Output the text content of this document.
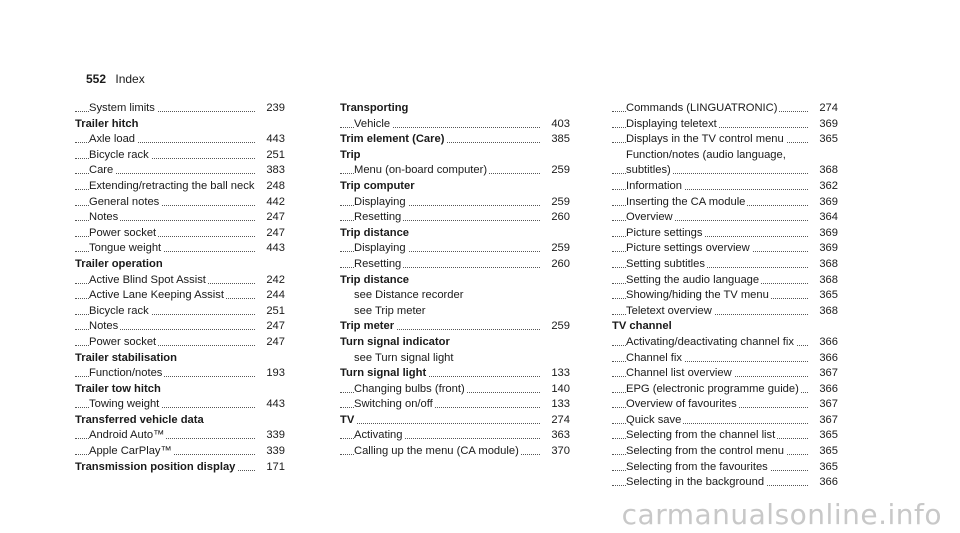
552 Index
System limits	239
Trailer hitch
Axle load	443
Bicycle rack	251
Care	383
Extending/retracting the ball neck	248
General notes	442
Notes	247
Power socket	247
Tongue weight	443
Trailer operation
Active Blind Spot Assist	242
Active Lane Keeping Assist	244
Bicycle rack	251
Notes	247
Power socket	247
Trailer stabilisation
Function/notes	193
Trailer tow hitch
Towing weight	443
Transferred vehicle data
Android Auto™	339
Apple CarPlay™	339
Transmission position display	171
Transporting
Vehicle	403
Trim element (Care)	385
Trip
Menu (on-board computer)	259
Trip computer
Displaying	259
Resetting	260
Trip distance
Displaying	259
Resetting	260
Trip distance
see Distance recorder
see Trip meter
Trip meter	259
Turn signal indicator
see Turn signal light
Turn signal light	133
Changing bulbs (front)	140
Switching on/off	133
TV	274
Activating	363
Calling up the menu (CA module)	370
Commands (LINGUATRONIC)	274
Displaying teletext	369
Displays in the TV control menu	365
Function/notes (audio language,
subtitles)	368
Information	362
Inserting the CA module	369
Overview	364
Picture settings	369
Picture settings overview	369
Setting subtitles	368
Setting the audio language	368
Showing/hiding the TV menu	365
Teletext overview	368
TV channel
Activating/deactivating channel fix	366
Channel fix	366
Channel list overview	367
EPG (electronic programme guide)	366
Overview of favourites	367
Quick save	367
Selecting from the channel list	365
Selecting from the control menu	365
Selecting from the favourites	365
Selecting in the background	366
carmanualsonline.info
